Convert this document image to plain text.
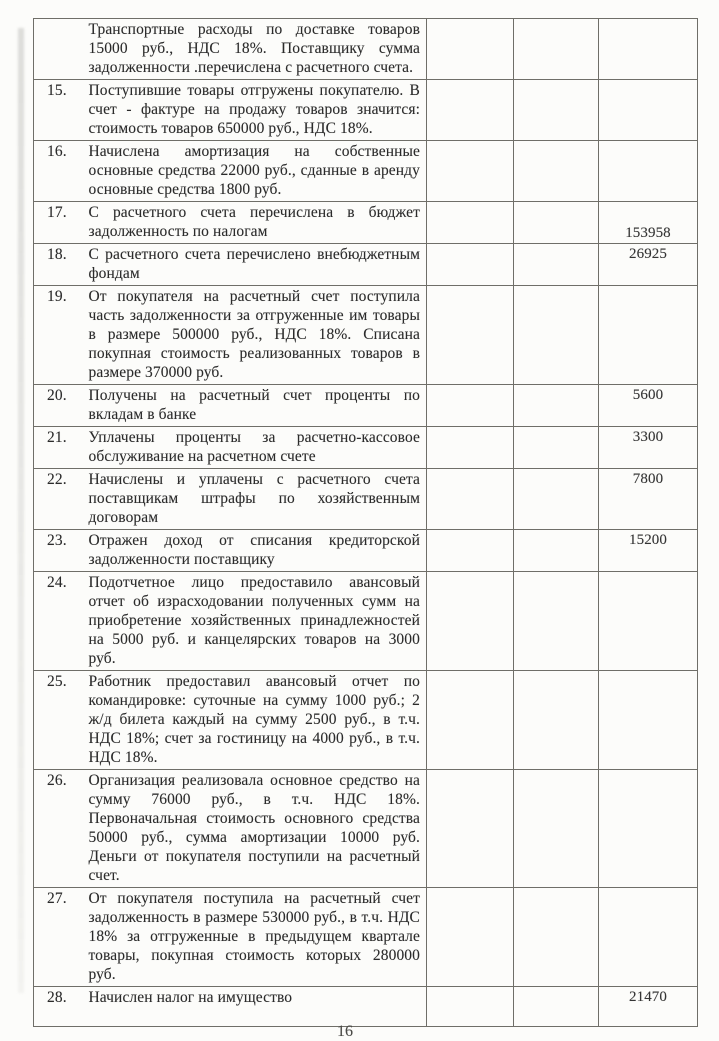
	Транспортные расходы по доставке товаров 15000 руб., НДС 18%. Поставщику сумма задолженности .перечислена с расчетного счета.			
15.	Поступившие товары отгружены покупателю. В счет - фактуре на продажу товаров значится: стоимость товаров 650000 руб., НДС 18%.			
16.	Начислена амортизация на собственные основные средства 22000 руб., сданные в аренду основные средства 1800 руб.			
17.	С расчетного счета перечислена в бюджет задолженность по налогам			153958
18.	С расчетного счета перечислено внебюджетным фондам			26925
19.	От покупателя на расчетный счет поступила часть задолженности за отгруженные им товары в размере 500000 руб., НДС 18%. Списана покупная стоимость реализованных товаров в размере 370000 руб.			
20.	Получены на расчетный счет проценты по вкладам в банке			5600
21.	Уплачены проценты за расчетно-кассовое обслуживание на расчетном счете			3300
22.	Начислены и уплачены с расчетного счета поставщикам штрафы по хозяйственным договорам			7800
23.	Отражен доход от списания кредиторской задолженности поставщику			15200
24.	Подотчетное лицо предоставило авансовый отчет об израсходовании полученных сумм на приобретение хозяйственных принадлежностей на 5000 руб. и канцелярских товаров на 3000 руб.			
25.	Работник предоставил авансовый отчет по командировке: суточные на сумму 1000 руб.; 2 ж/д билета каждый на сумму 2500 руб., в т.ч. НДС 18%; счет за гостиницу на 4000 руб., в т.ч. НДС 18%.			
26.	Организация реализовала основное средство на сумму 76000 руб., в т.ч. НДС 18%. Первоначальная стоимость основного средства 50000 руб., сумма амортизации 10000 руб. Деньги от покупателя поступили на расчетный счет.			
27.	От покупателя поступила на расчетный счет задолженность в размере 530000 руб., в т.ч. НДС 18% за отгруженные в предыдущем квартале товары, покупная стоимость которых 280000 руб.			
28.	Начислен налог на имущество			21470
16
